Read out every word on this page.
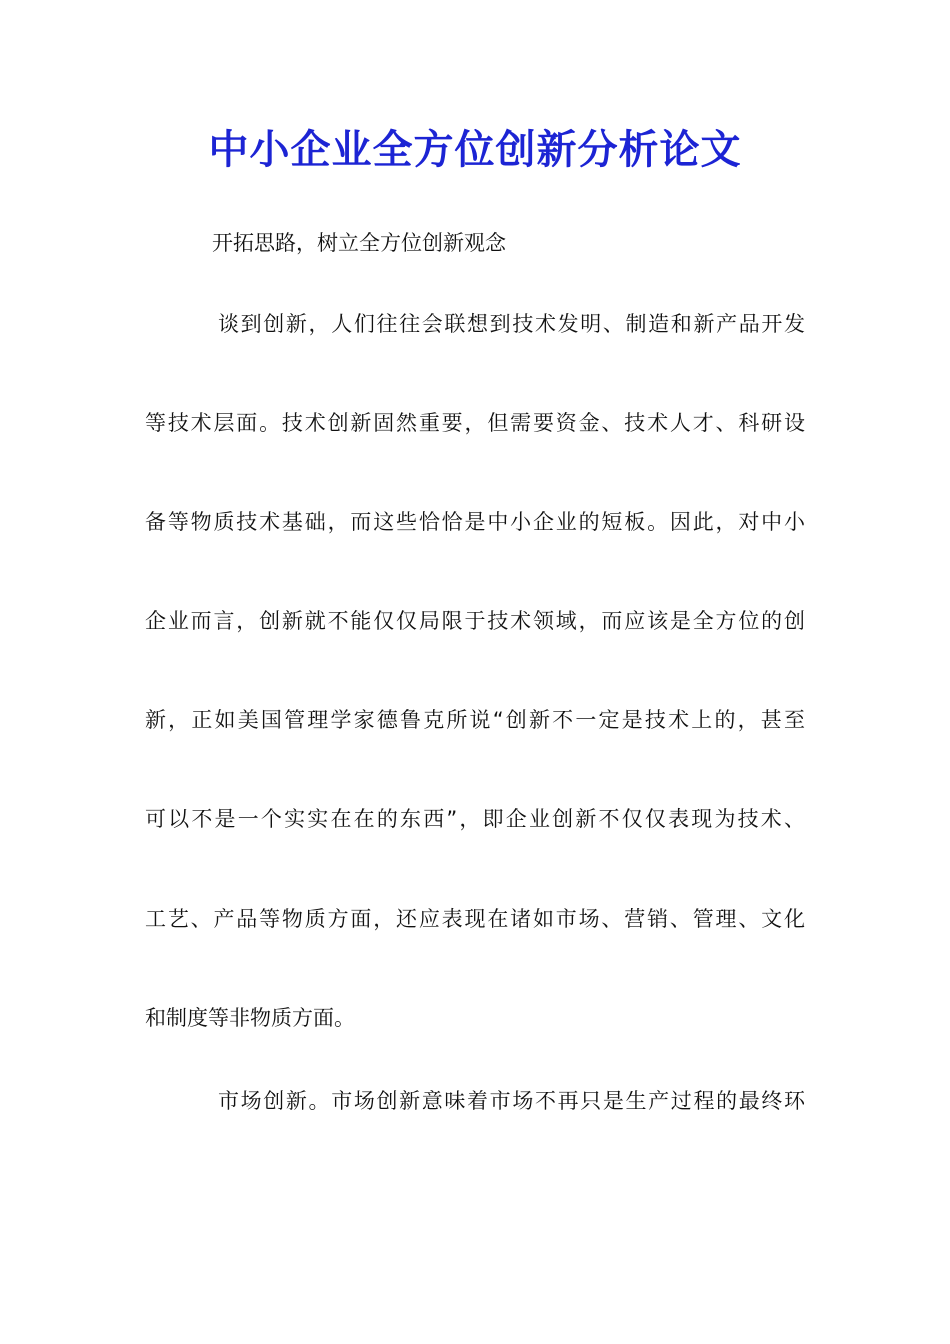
中小企业全方位创新分析论文
开拓思路，树立全方位创新观念
谈到创新，人们往往会联想到技术发明、制造和新产品开发
等技术层面。技术创新固然重要，但需要资金、技术人才、科研设
备等物质技术基础，而这些恰恰是中小企业的短板。因此，对中小
企业而言，创新就不能仅仅局限于技术领域，而应该是全方位的创
新，正如美国管理学家德鲁克所说“创新不一定是技术上的，甚至
可以不是一个实实在在的东西”，即企业创新不仅仅表现为技术、
工艺、产品等物质方面，还应表现在诸如市场、营销、管理、文化
和制度等非物质方面。
市场创新。市场创新意味着市场不再只是生产过程的最终环
